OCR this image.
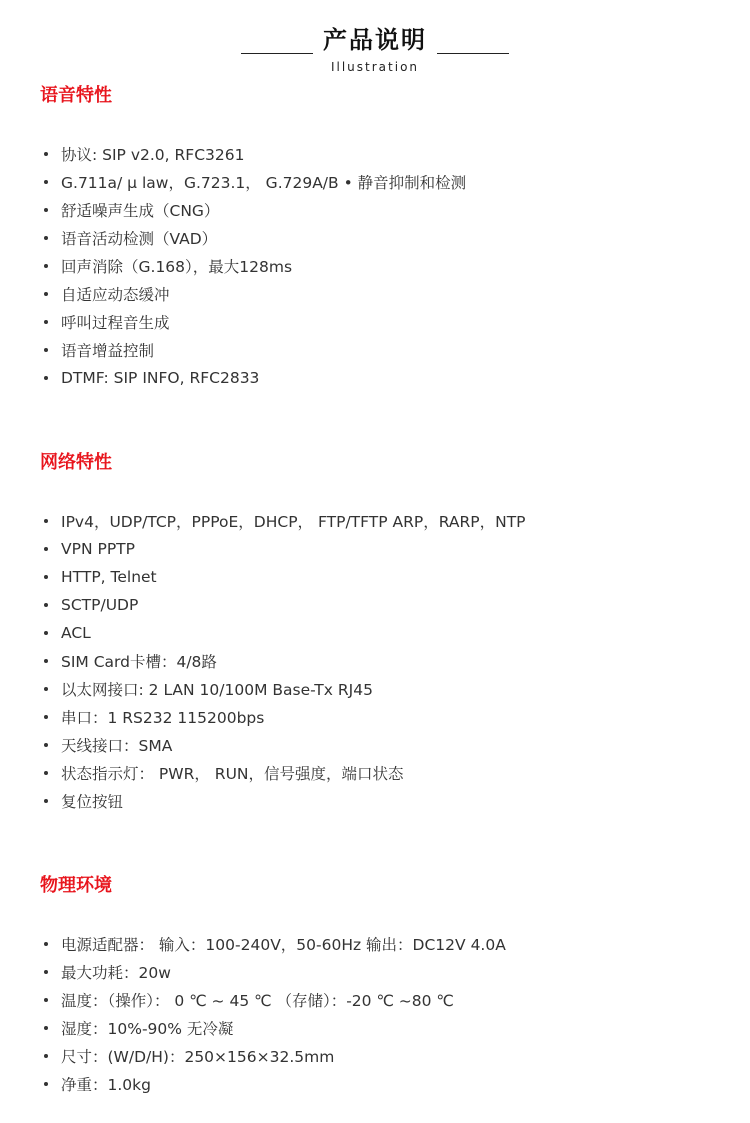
产品说明
Illustration
语音特性
协议: SIP v2.0, RFC3261
G.711a/ μ law，G.723.1， G.729A/B • 静音抑制和检测
舒适噪声生成（CNG）
语音活动检测（VAD）
回声消除（G.168），最大128ms
自适应动态缓冲
呼叫过程音生成
语音增益控制
DTMF: SIP INFO, RFC2833
网络特性
IPv4，UDP/TCP，PPPoE，DHCP， FTP/TFTP ARP，RARP，NTP
VPN PPTP
HTTP, Telnet
SCTP/UDP
ACL
SIM Card卡槽：4/8路
以太网接口: 2 LAN 10/100M Base-Tx RJ45
串口：1 RS232 115200bps
天线接口：SMA
状态指示灯： PWR， RUN，信号强度，端口状态
复位按钮
物理环境
电源适配器： 输入：100-240V，50-60Hz 输出：DC12V 4.0A
最大功耗：20w
温度：（操作）： 0 ℃ ~ 45 ℃ （存储）：-20 ℃ ~80 ℃
湿度：10%-90% 无冷凝
尺寸：(W/D/H)：250×156×32.5mm
净重：1.0kg
